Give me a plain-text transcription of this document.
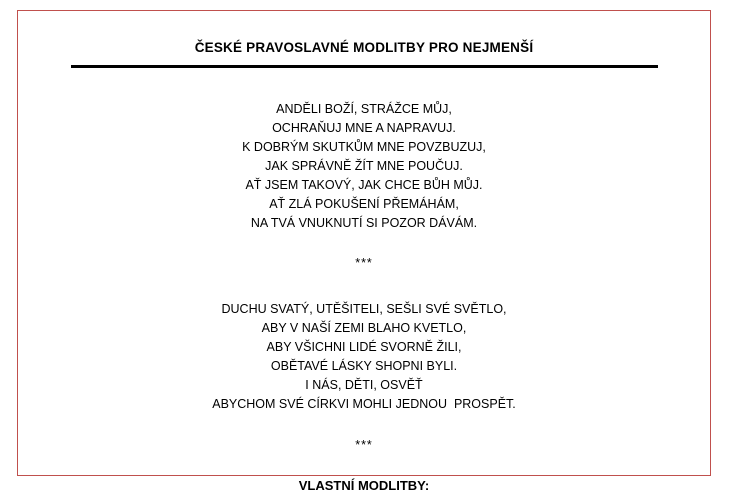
ČESKÉ PRAVOSLAVNÉ MODLITBY PRO NEJMENŠÍ
ANDĚLI BOŽÍ, STRÁŽCE MŮJ,
OCHRAŇUJ MNE A NAPRAVUJ.
K DOBRÝM SKUTKŮM MNE POVZBUZUJ,
JAK SPRÁVNĚ ŽÍT MNE POUČUJ.
AŤ JSEM TAKOVÝ, JAK CHCE BŮH MŮJ.
AŤ ZLÁ POKUŠENÍ PŘEMÁHÁM,
NA TVÁ VNUKNUTÍ SI POZOR DÁVÁM.
***
DUCHU SVATÝ, UTĚŠITELI, SEŠLI SVÉ SVĚTLO,
ABY V NAŠÍ ZEMI BLAHO KVETLO,
ABY VŠICHNI LIDÉ SVORNĚ ŽILI,
OBĚTAVÉ LÁSKY SHOPNI BYLI.
I NÁS, DĚTI, OSVĚŤ
ABYCHOM SVÉ CÍRKVI MOHLI JEDNOU  PROSPĚT.
***
VLASTNÍ MODLITBY:
